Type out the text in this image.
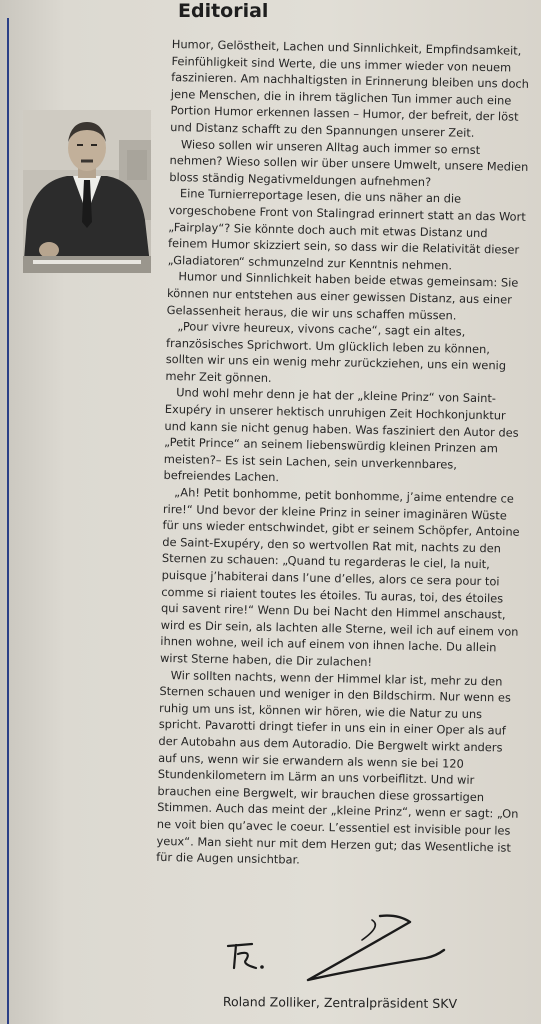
Editorial

Humor, Gelöstheit, Lachen und Sinnlichkeit, Empfindsamkeit, Feinfühligkeit sind Werte, die uns immer wieder von neuem faszinieren. Am nachhaltigsten in Erinnerung bleiben uns doch jene Menschen, die in ihrem täglichen Tun immer auch eine Portion Humor erkennen lassen – Humor, der befreit, der löst und Distanz schafft zu den Spannungen unserer Zeit.

Wieso sollen wir unseren Alltag auch immer so ernst nehmen? Wieso sollen wir über unsere Umwelt, unsere Medien bloss ständig Negativmeldungen aufnehmen?

Eine Turnierreportage lesen, die uns näher an die vorgeschobene Front von Stalingrad erinnert statt an das Wort „Fairplay“? Sie könnte doch auch mit etwas Distanz und feinem Humor skizziert sein, so dass wir die Relativität dieser „Gladiatoren“ schmunzelnd zur Kenntnis nehmen.

Humor und Sinnlichkeit haben beide etwas gemeinsam: Sie können nur entstehen aus einer gewissen Distanz, aus einer Gelassenheit heraus, die wir uns schaffen müssen.

„Pour vivre heureux, vivons cache“, sagt ein altes, französisches Sprichwort. Um glücklich leben zu können, sollten wir uns ein wenig mehr zurückziehen, uns ein wenig mehr Zeit gönnen.

Und wohl mehr denn je hat der „kleine Prinz“ von Saint-Exupéry in unserer hektisch unruhigen Zeit Hochkonjunktur und kann sie nicht genug haben. Was fasziniert den Autor des „Petit Prince“ an seinem liebenswürdig kleinen Prinzen am meisten?– Es ist sein Lachen, sein unverkennbares, befreiendes Lachen.

„Ah! Petit bonhomme, petit bonhomme, j’aime entendre ce rire!“ Und bevor der kleine Prinz in seiner imaginären Wüste für uns wieder entschwindet, gibt er seinem Schöpfer, Antoine de Saint-Exupéry, den so wertvollen Rat mit, nachts zu den Sternen zu schauen: „Quand tu regarderas le ciel, la nuit, puisque j’habiterai dans l’une d’elles, alors ce sera pour toi comme si riaient toutes les étoiles. Tu auras, toi, des étoiles qui savent rire!“ Wenn Du bei Nacht den Himmel anschaust, wird es Dir sein, als lachten alle Sterne, weil ich auf einem von ihnen wohne, weil ich auf einem von ihnen lache. Du allein wirst Sterne haben, die Dir zulachen!

Wir sollten nachts, wenn der Himmel klar ist, mehr zu den Sternen schauen und weniger in den Bildschirm. Nur wenn es ruhig um uns ist, können wir hören, wie die Natur zu uns spricht. Pavarotti dringt tiefer in uns ein in einer Oper als auf der Autobahn aus dem Autoradio. Die Bergwelt wirkt anders auf uns, wenn wir sie erwandern als wenn sie bei 120 Stundenkilometern im Lärm an uns vorbeiflitzt. Und wir brauchen eine Bergwelt, wir brauchen diese grossartigen Stimmen. Auch das meint der „kleine Prinz“, wenn er sagt: „On ne voit bien qu’avec le coeur. L’essentiel est invisible pour les yeux“. Man sieht nur mit dem Herzen gut; das Wesentliche ist für die Augen unsichtbar.

Roland Zolliker, Zentralpräsident SKV
